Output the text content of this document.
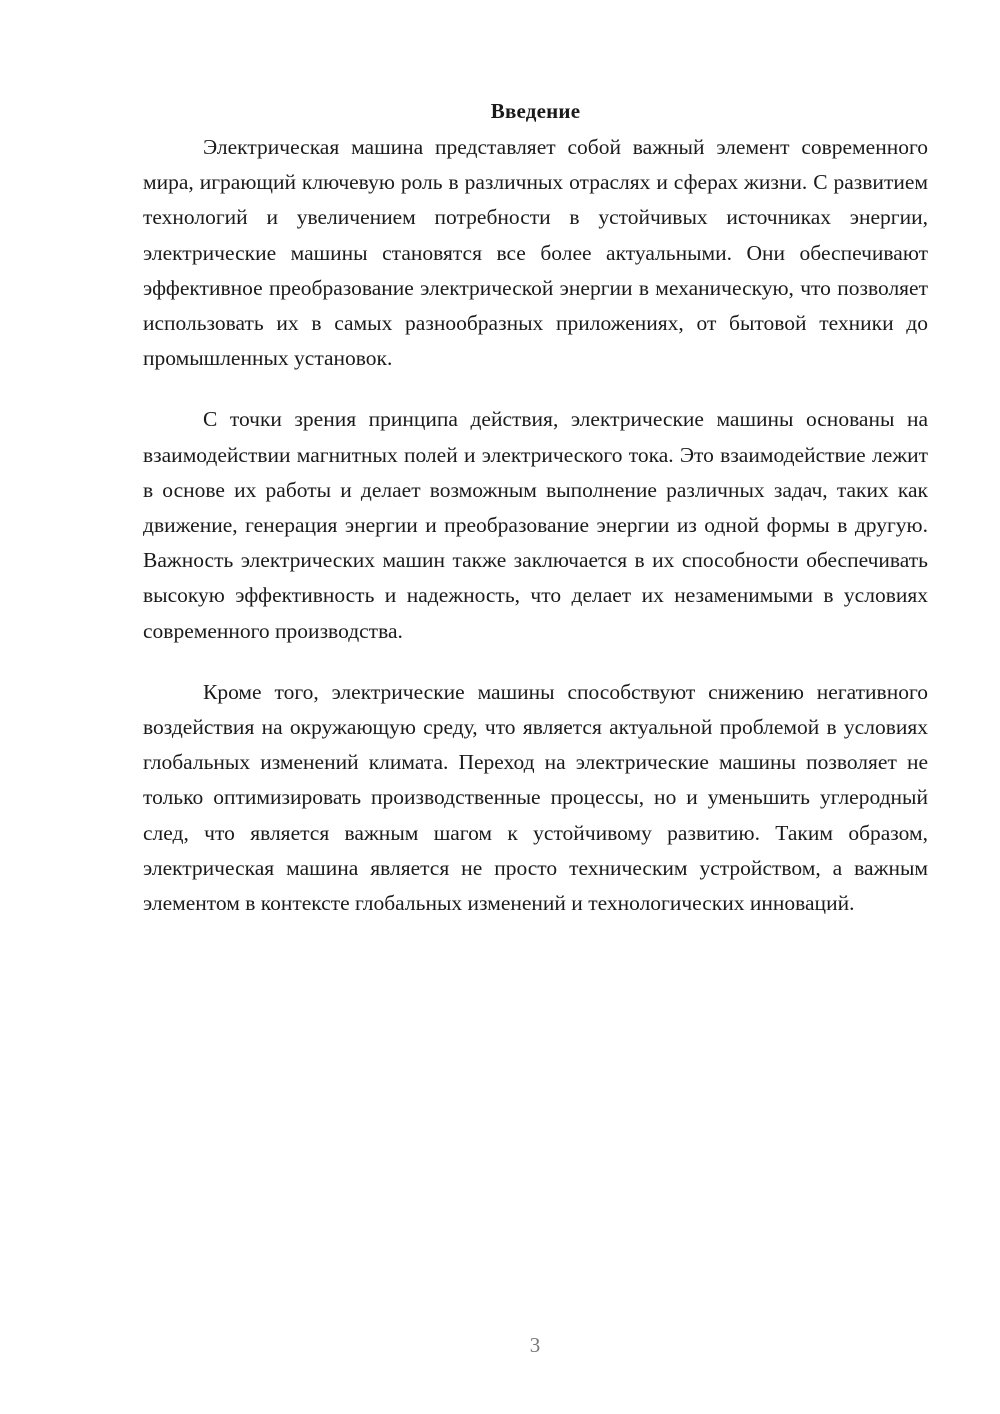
Введение

Электрическая машина представляет собой важный элемент современного мира, играющий ключевую роль в различных отраслях и сферах жизни. С развитием технологий и увеличением потребности в устойчивых источниках энергии, электрические машины становятся все более актуальными. Они обеспечивают эффективное преобразование электрической энергии в механическую, что позволяет использовать их в самых разнообразных приложениях, от бытовой техники до промышленных установок.

С точки зрения принципа действия, электрические машины основаны на взаимодействии магнитных полей и электрического тока. Это взаимодействие лежит в основе их работы и делает возможным выполнение различных задач, таких как движение, генерация энергии и преобразование энергии из одной формы в другую. Важность электрических машин также заключается в их способности обеспечивать высокую эффективность и надежность, что делает их незаменимыми в условиях современного производства.

Кроме того, электрические машины способствуют снижению негативного воздействия на окружающую среду, что является актуальной проблемой в условиях глобальных изменений климата. Переход на электрические машины позволяет не только оптимизировать производственные процессы, но и уменьшить углеродный след, что является важным шагом к устойчивому развитию. Таким образом, электрическая машина является не просто техническим устройством, а важным элементом в контексте глобальных изменений и технологических инноваций.

3
